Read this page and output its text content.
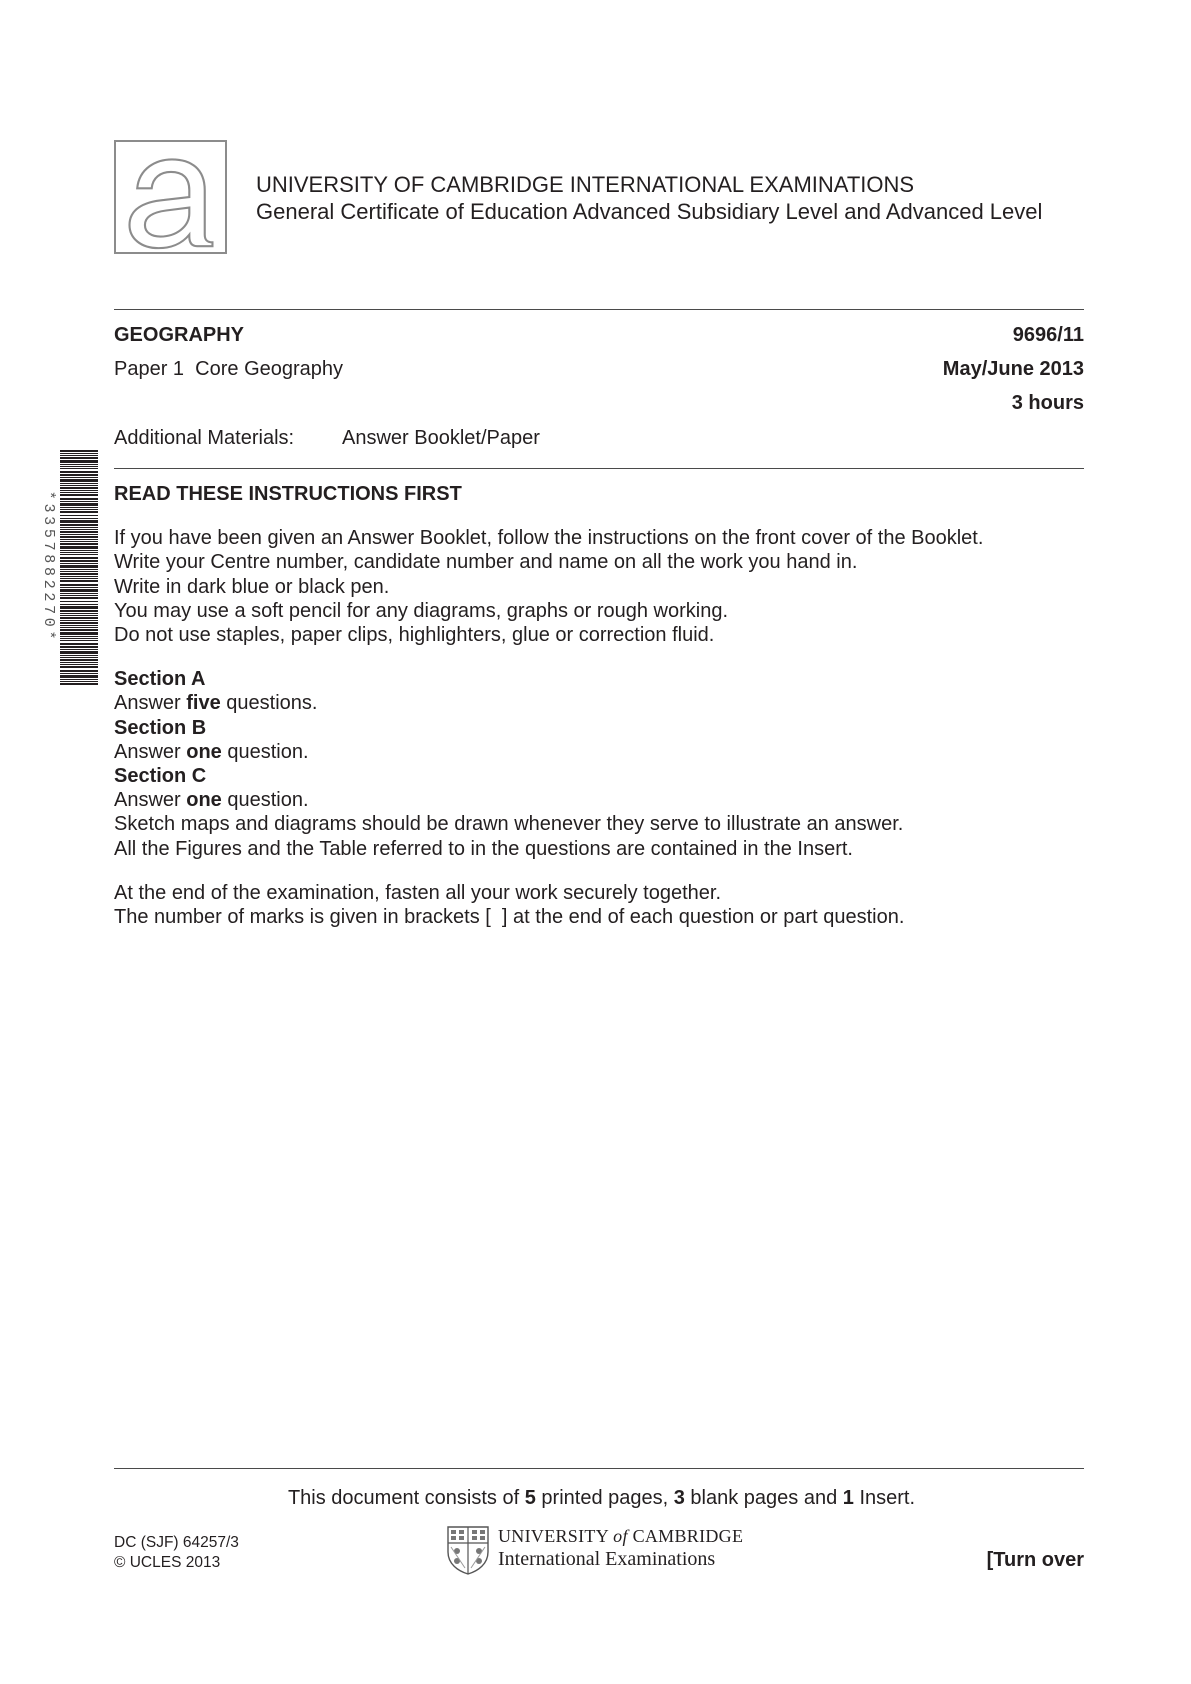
UNIVERSITY OF CAMBRIDGE INTERNATIONAL EXAMINATIONS
General Certificate of Education Advanced Subsidiary Level and Advanced Level
GEOGRAPHY	9696/11
Paper 1  Core Geography	May/June 2013
3 hours
Additional Materials: Answer Booklet/Paper
*3357882270*	READ THESE INSTRUCTIONS FIRST

If you have been given an Answer Booklet, follow the instructions on the front cover of the Booklet.

Write your Centre number, candidate number and name on all the work you hand in.

Write in dark blue or black pen.

You may use a soft pencil for any diagrams, graphs or rough working.

Do not use staples, paper clips, highlighters, glue or correction fluid.

Section A

Answer five questions.

Section B

Answer one question.

Section C

Answer one question.

Sketch maps and diagrams should be drawn whenever they serve to illustrate an answer.

All the Figures and the Table referred to in the questions are contained in the Insert.

At the end of the examination, fasten all your work securely together.

The number of marks is given in brackets [  ] at the end of each question or part question.

This document consists of 5 printed pages, 3 blank pages and 1 Insert.
DC (SJF) 64257/3
© UCLES 2013
UNIVERSITY of CAMBRIDGE
International Examinations	[Turn over
